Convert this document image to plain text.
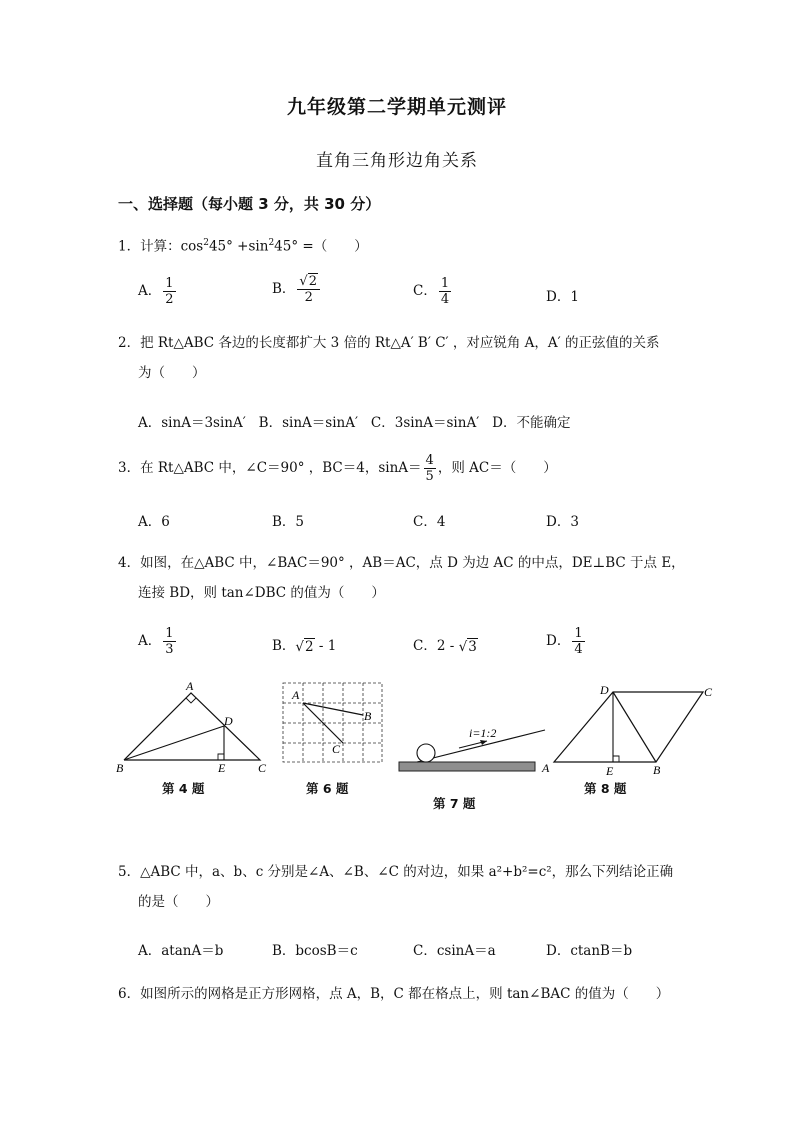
九年级第二学期单元测评
直角三角形边角关系
一、选择题（每小题 3 分，共 30 分）
1．计算：$\cos^245^\circ +\sin^245^\circ$ =（　　）
A． $\frac{1}{2}$	B． $\frac{√2}{2}$	C． $\frac{1}{4}$	D．1
2．把 Rt△ABC 各边的长度都扩大 3 倍的 Rt△A′ B′ C′ ，对应锐角 A，A′ 的正弦值的关系
为（　　）
A．sinA＝3sinA′   B．sinA＝sinA′   C．3sinA＝sinA′   D．不能确定
3．在 Rt△ABC 中，∠C＝90° ，BC＝4，$\sin A= \frac{4}{5}$ ，则 AC＝（　　）
A．6	B．5	C．4	D．3
4．如图，在△ABC 中，∠BAC＝90° ，AB＝AC，点 D 为边 AC 的中点，DE⊥BC 于点 E，
连接 BD，则 tan∠DBC 的值为（　　）
A． $\frac{1}{3}$	B．√2 - 1	C．2 - √3	D． $\frac{1}{4}$
A
B	C
D
E
第 4 题
A
B
C
第 6 题
i=1:2
第 7 题
A	B
C
D
E
第 8 题
5．△ABC 中，a、b、c 分别是∠A、∠B、∠C 的对边，如果 a²+b²=c²，那么下列结论正确
的是（　　）
A．atanA＝b	B．bcosB＝c	C．csinA＝a	D．ctanB＝b
6．如图所示的网格是正方形网格，点 A，B，C 都在格点上，则 tan∠BAC 的值为（　　）
